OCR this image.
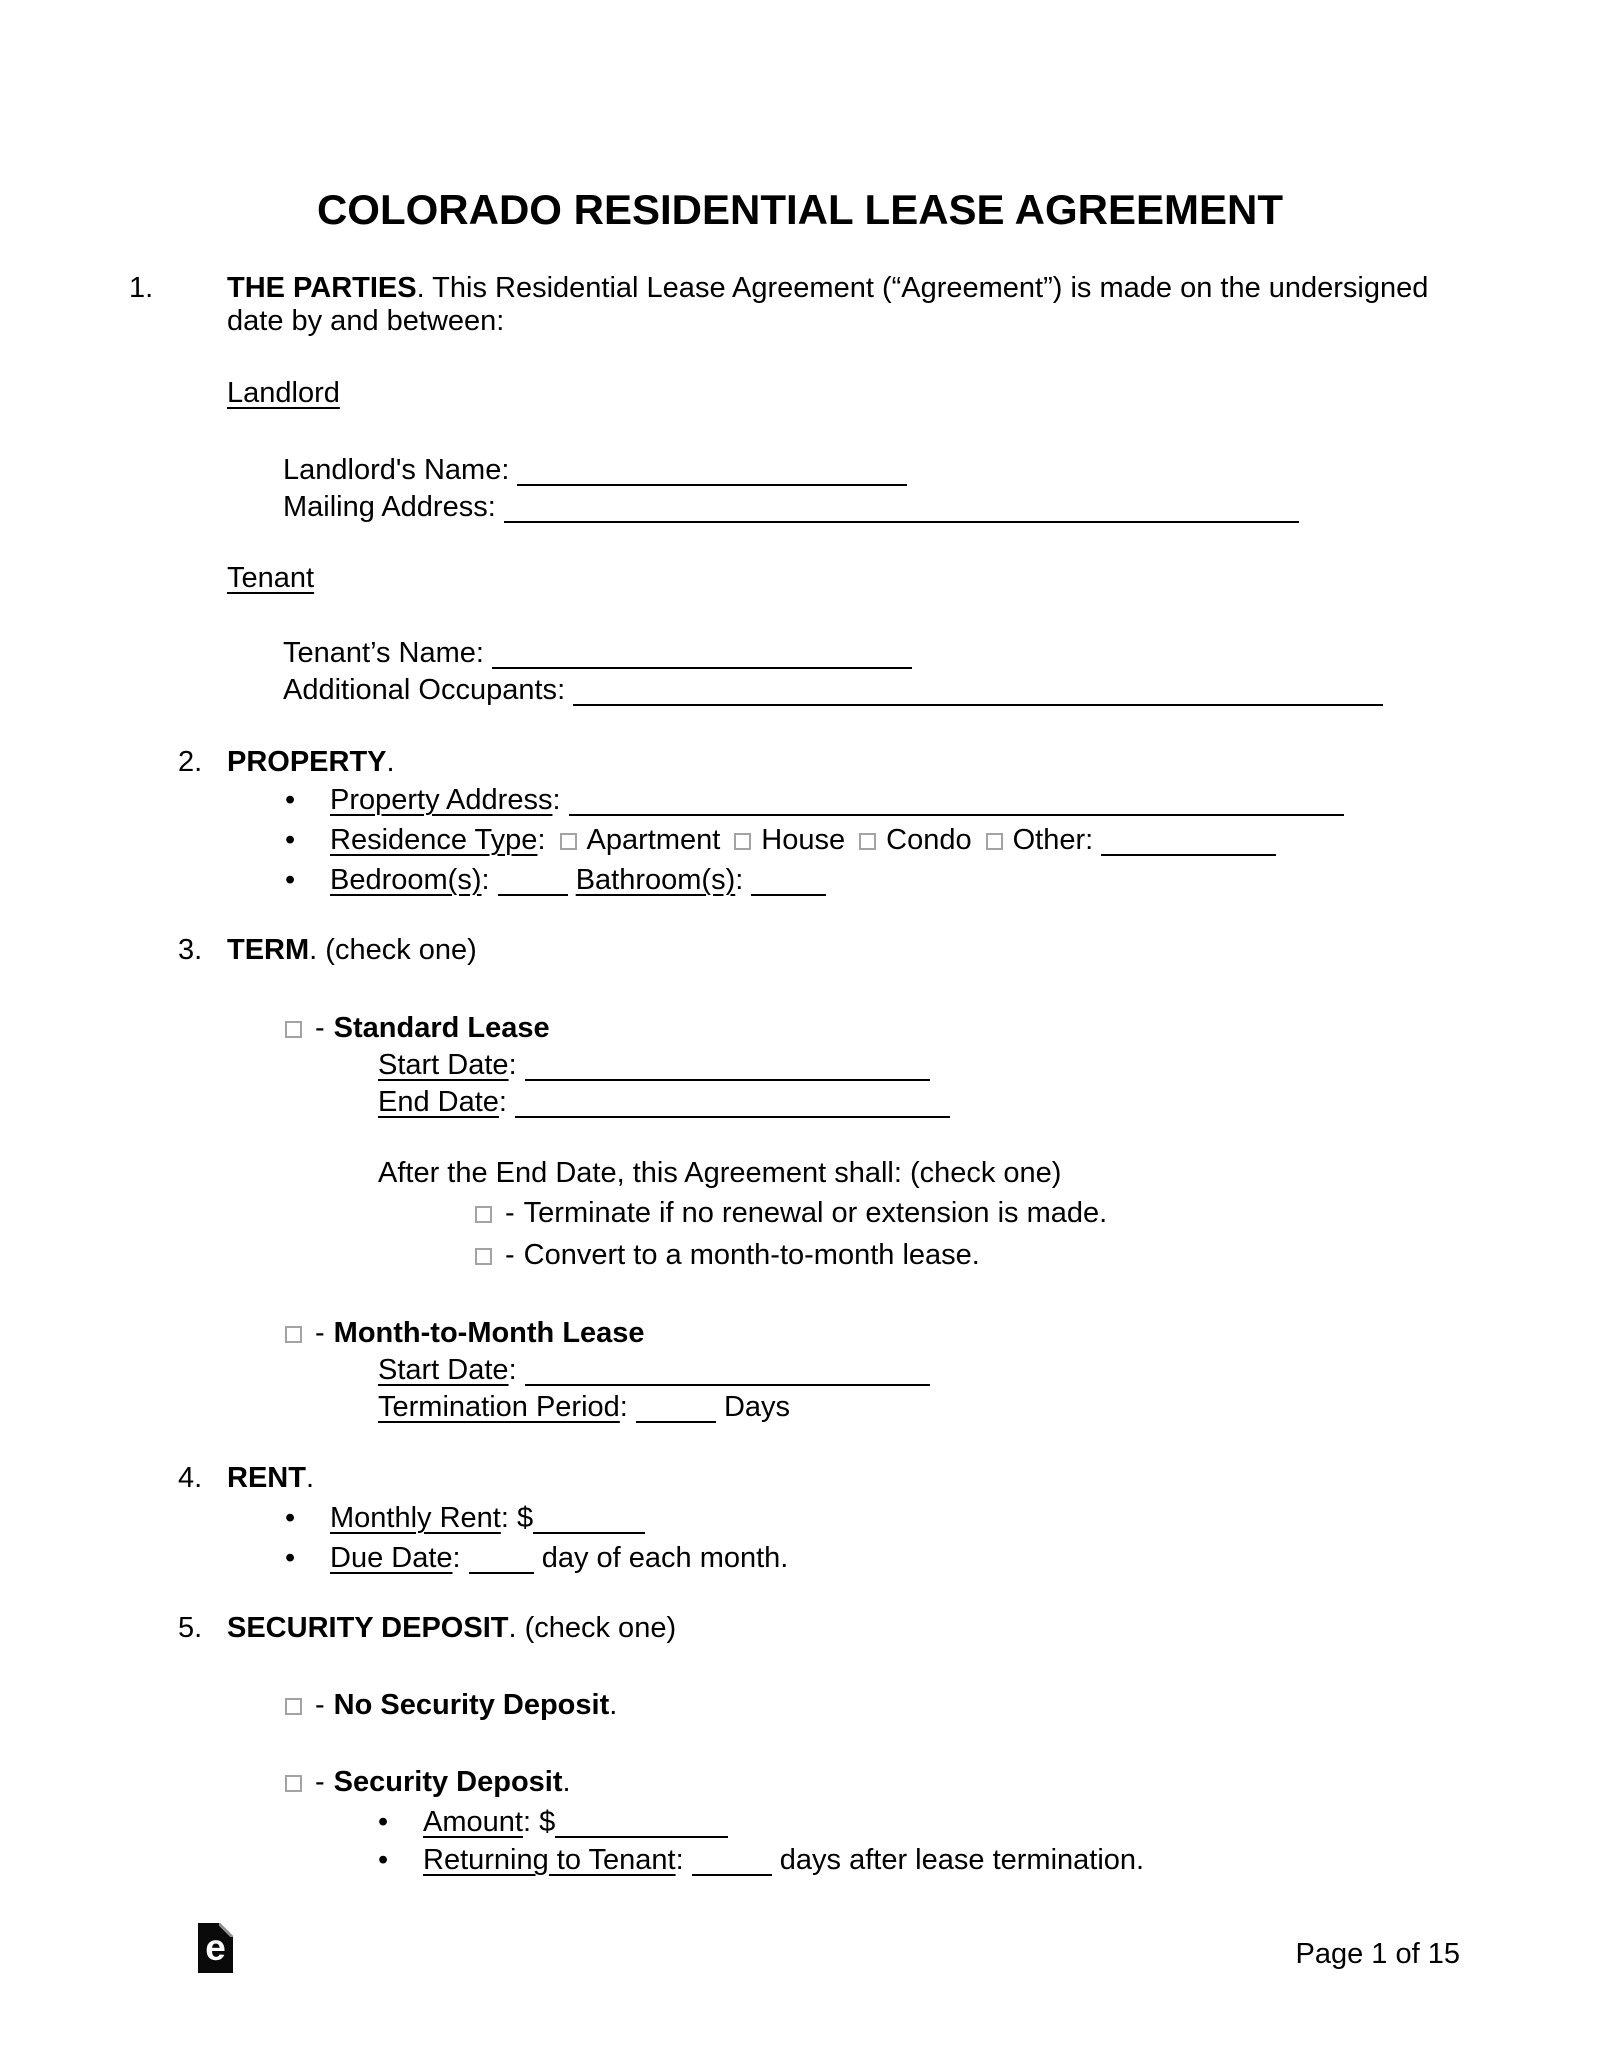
COLORADO RESIDENTIAL LEASE AGREEMENT
1.	THE PARTIES. This Residential Lease Agreement (“Agreement”) is made on the undersigned date by and between:
Landlord
Landlord's Name:
Mailing Address:
Tenant
Tenant’s Name:
Additional Occupants:
2. PROPERTY.
• Property Address:
• Residence Type: Apartment House Condo Other:
• Bedroom(s):	Bathroom(s):
3. TERM. (check one)
- Standard Lease
Start Date:
End Date:
After the End Date, this Agreement shall: (check one)
- Terminate if no renewal or extension is made.
- Convert to a month-to-month lease.
- Month-to-Month Lease
Start Date:
Termination Period:	Days
4. RENT.
• Monthly Rent: $
• Due Date:	day of each month.
5. SECURITY DEPOSIT. (check one)
- No Security Deposit.
- Security Deposit.
• Amount: $
• Returning to Tenant:	days after lease termination.
e	Page 1 of 15
